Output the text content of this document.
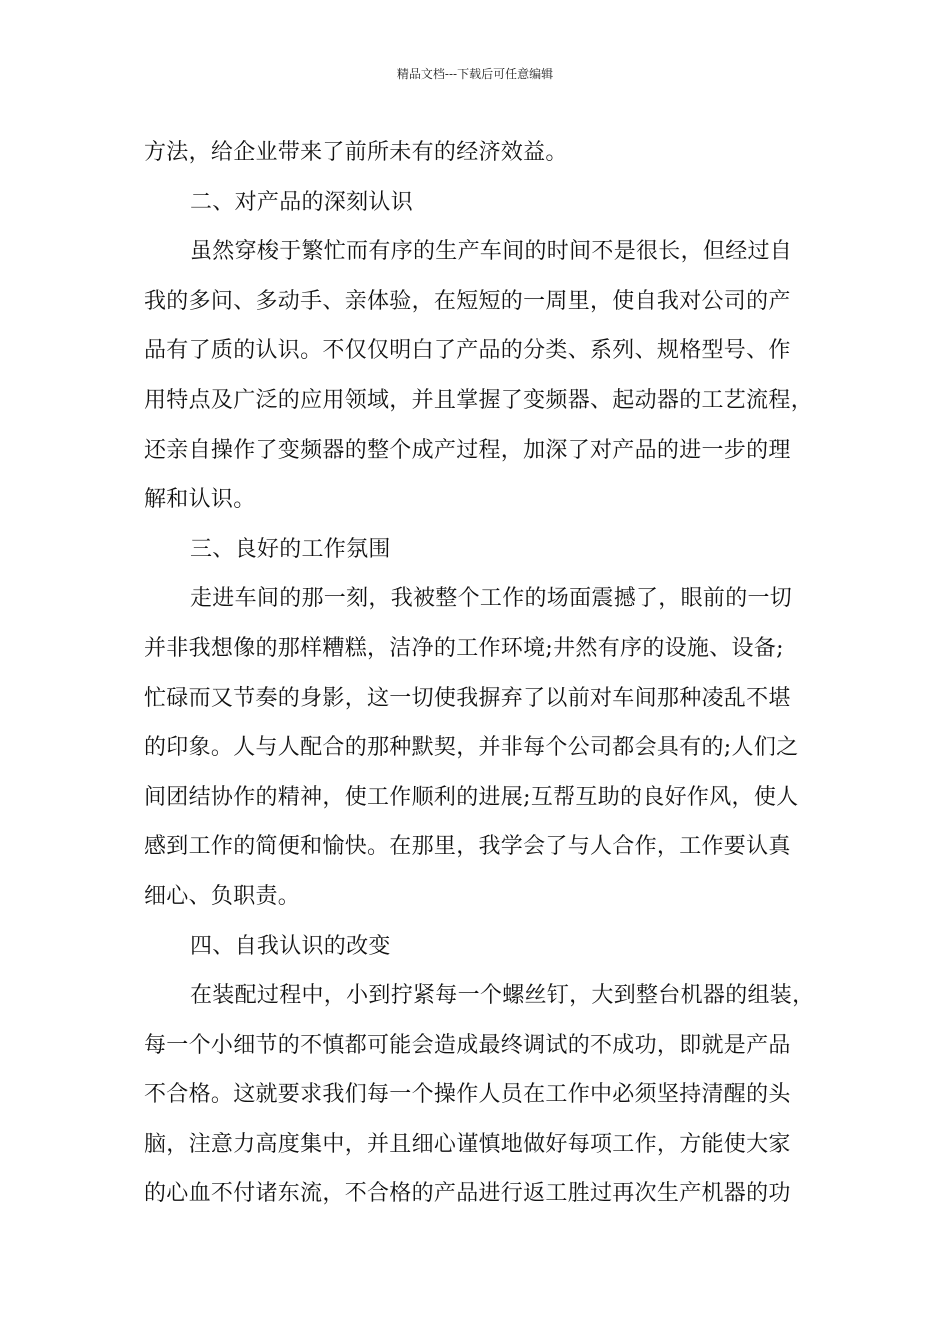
精品文档---下载后可任意编辑
方法，给企业带来了前所未有的经济效益。
二、对产品的深刻认识
虽然穿梭于繁忙而有序的生产车间的时间不是很长，但经过自
我的多问、多动手、亲体验，在短短的一周里，使自我对公司的产
品有了质的认识。不仅仅明白了产品的分类、系列、规格型号、作
用特点及广泛的应用领域，并且掌握了变频器、起动器的工艺流程，
还亲自操作了变频器的整个成产过程，加深了对产品的进一步的理
解和认识。
三、良好的工作氛围
走进车间的那一刻，我被整个工作的场面震撼了，眼前的一切
并非我想像的那样糟糕，洁净的工作环境;井然有序的设施、设备;
忙碌而又节奏的身影，这一切使我摒弃了以前对车间那种凌乱不堪
的印象。人与人配合的那种默契，并非每个公司都会具有的;人们之
间团结协作的精神，使工作顺利的进展;互帮互助的良好作风，使人
感到工作的简便和愉快。在那里，我学会了与人合作，工作要认真
细心、负职责。
四、自我认识的改变
在装配过程中，小到拧紧每一个螺丝钉，大到整台机器的组装，
每一个小细节的不慎都可能会造成最终调试的不成功，即就是产品
不合格。这就要求我们每一个操作人员在工作中必须坚持清醒的头
脑，注意力高度集中，并且细心谨慎地做好每项工作，方能使大家
的心血不付诸东流，不合格的产品进行返工胜过再次生产机器的功
